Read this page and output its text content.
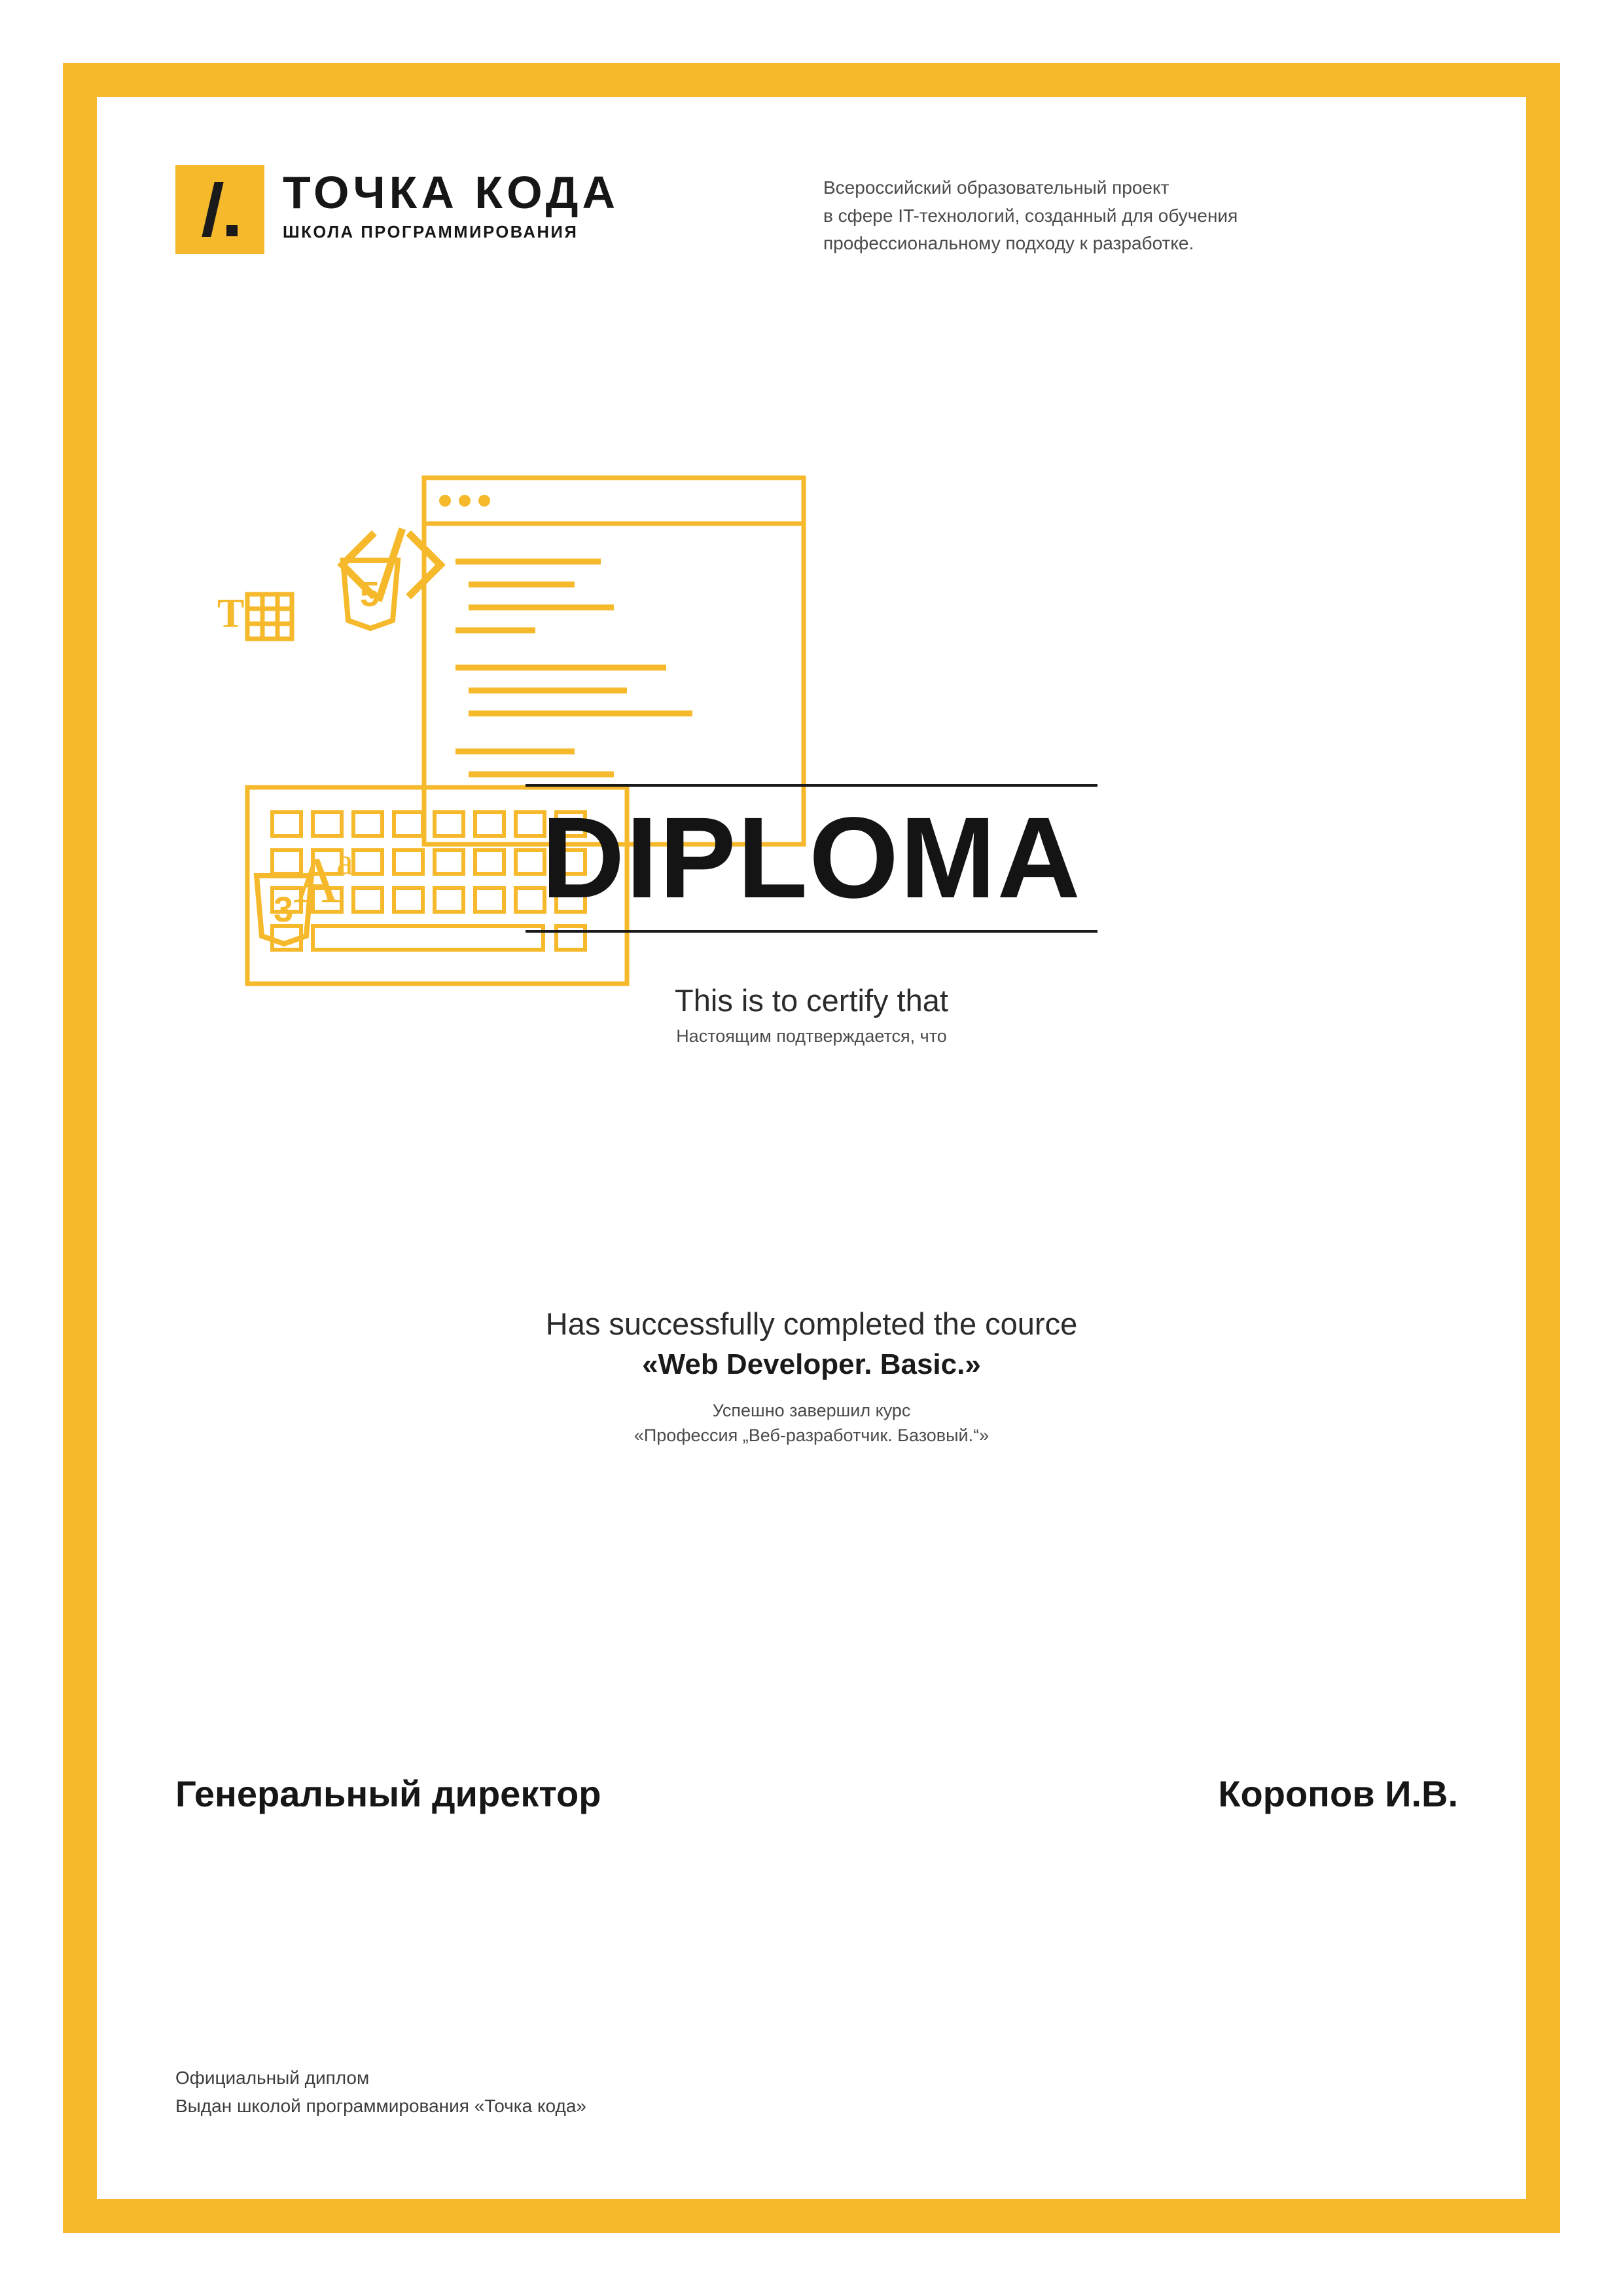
ТОЧКА КОДА
ШКОЛА ПРОГРАММИРОВАНИЯ
Всероссийский образовательный проект
в сфере IT-технологий, созданный для обучения
профессиональному подходу к разработке.
5
3
T
A
a	DIPLOMA
This is to certify that
Настоящим подтверждается, что
Has successfully completed the cource
«Web Developer. Basic.»
Успешно завершил курс
«Профессия „Веб-разработчик. Базовый.“»
Генеральный директор	Коропов И.В.
Официальный диплом
Выдан школой программирования «Точка кода»
